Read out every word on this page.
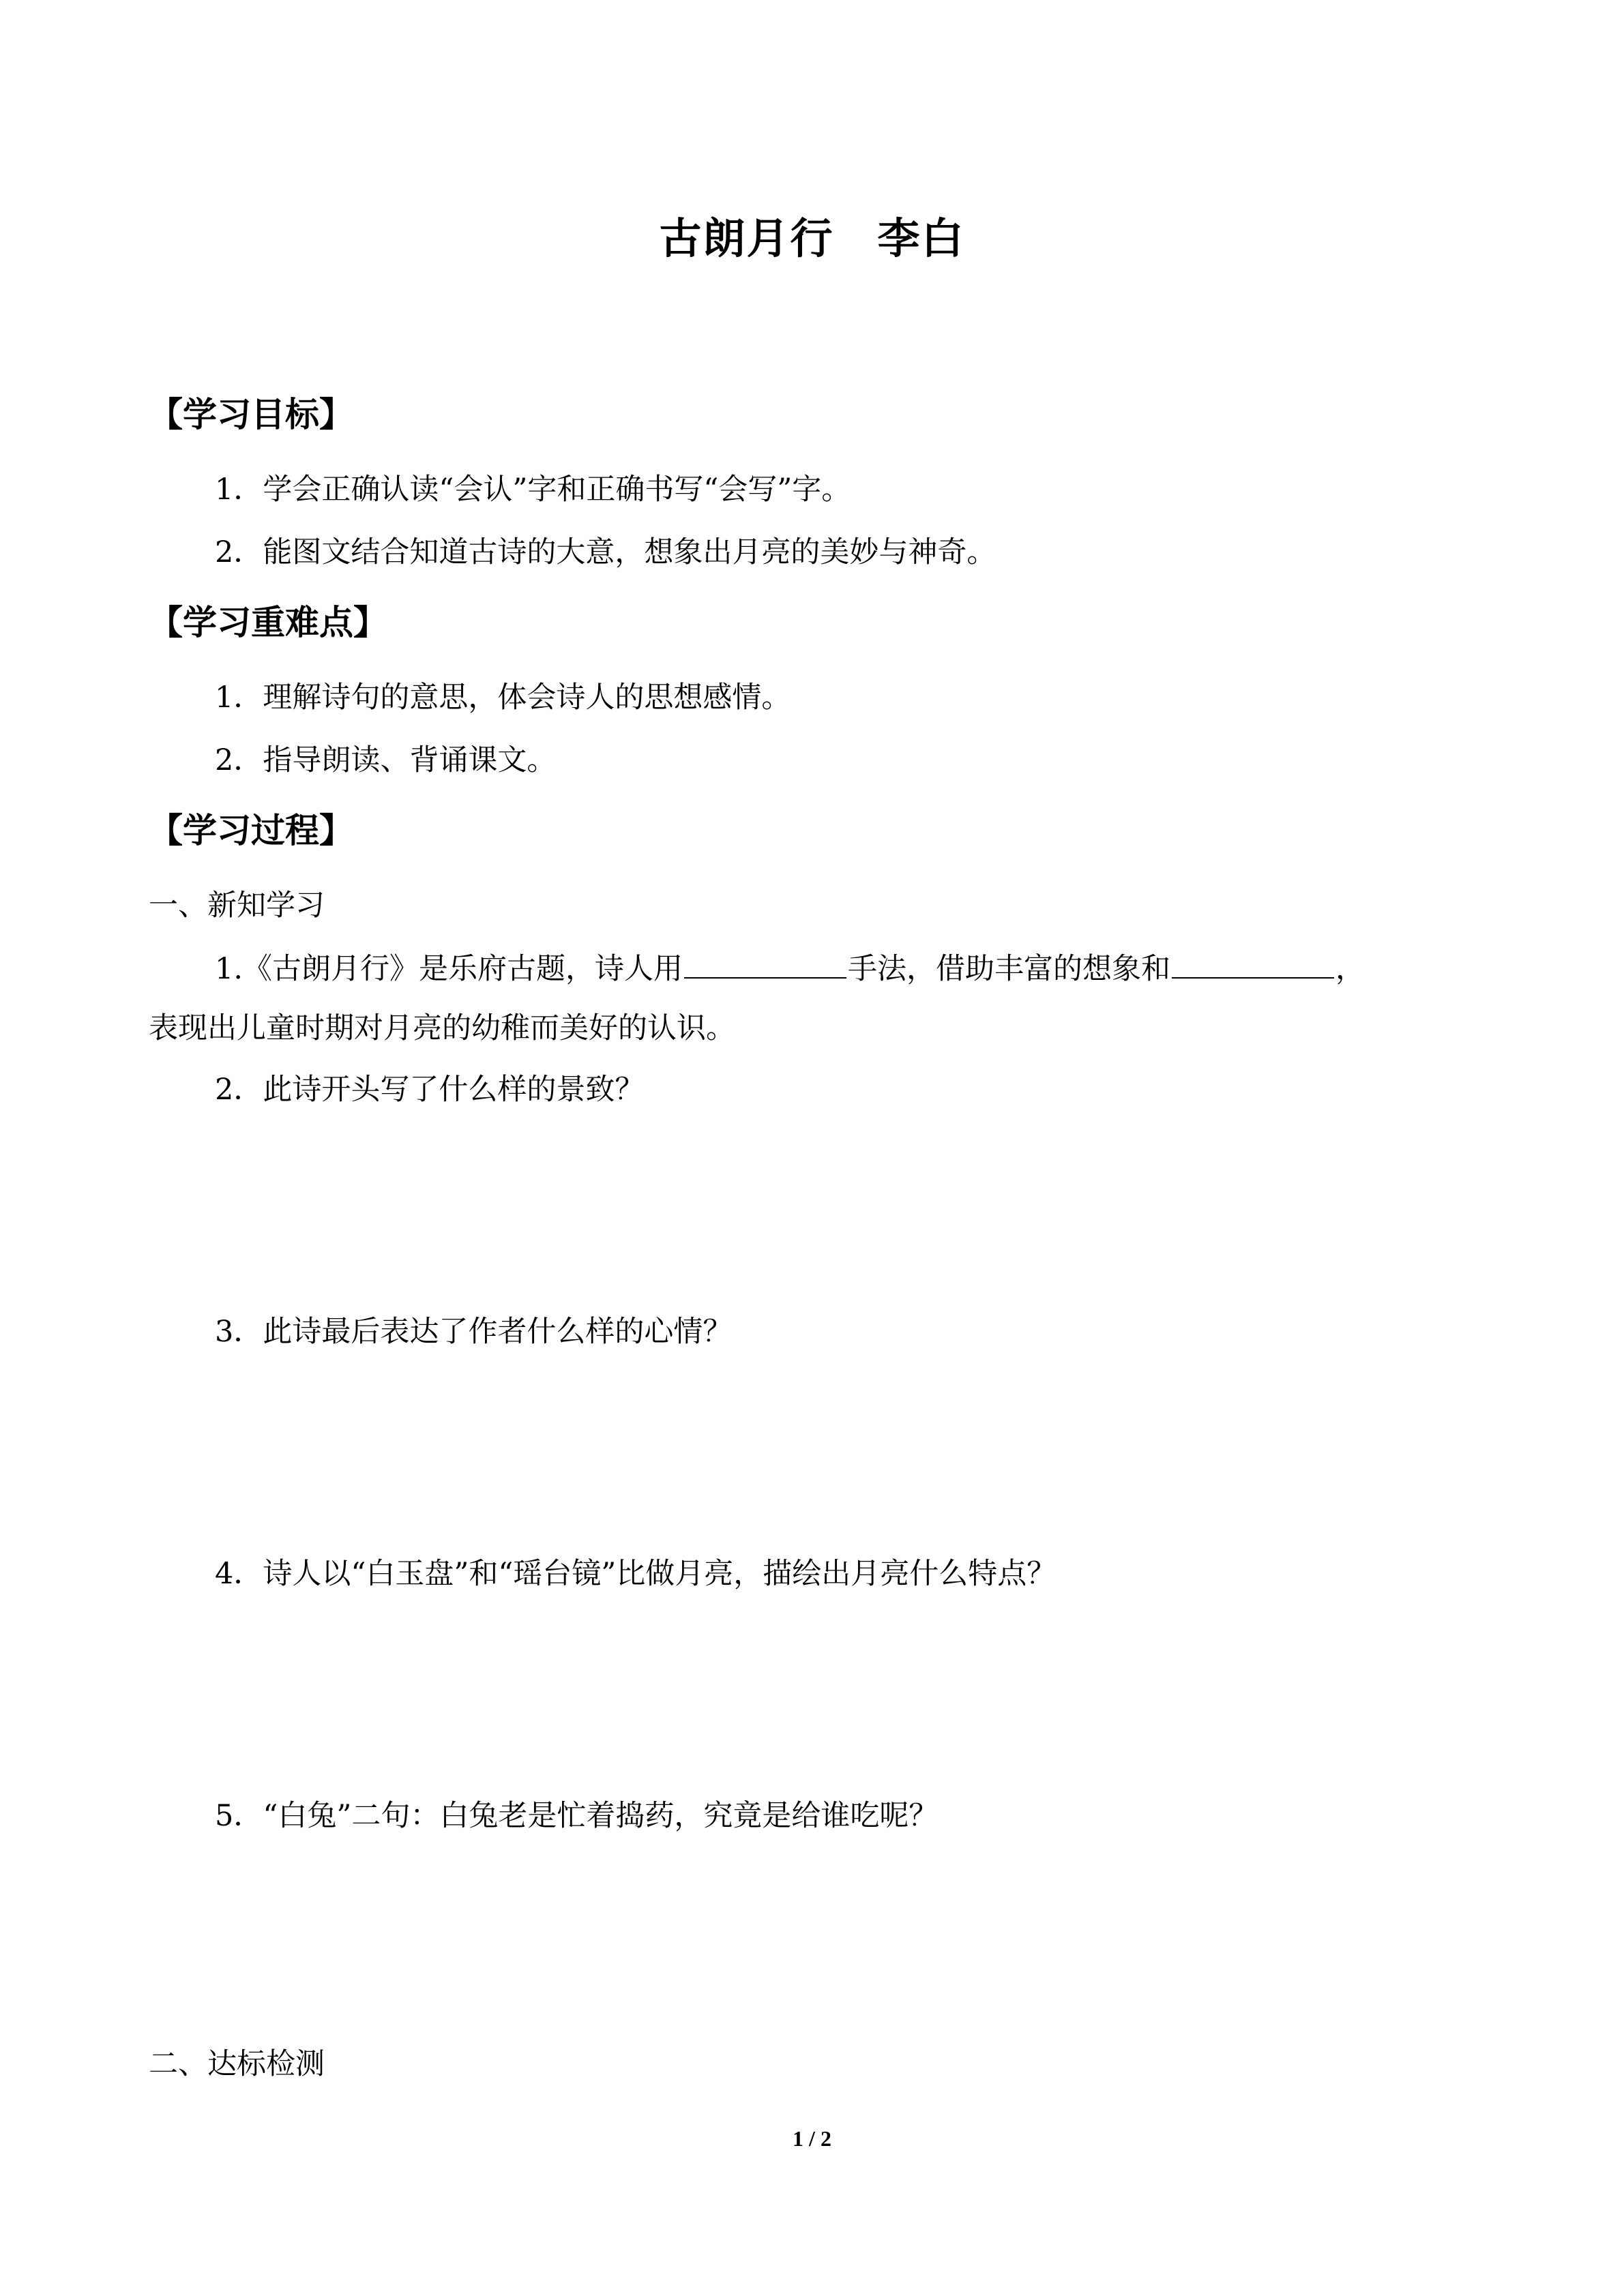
古朗月行　李白
【学习目标】
1．学会正确认读“会认”字和正确书写“会写”字。
2．能图文结合知道古诗的大意，想象出月亮的美妙与神奇。
【学习重难点】
1．理解诗句的意思，体会诗人的思想感情。
2．指导朗读、背诵课文。
【学习过程】
一、新知学习
1.《古朗月行》是乐府古题，诗人用	手法，借助丰富的想象和	，
表现出儿童时期对月亮的幼稚而美好的认识。
2．此诗开头写了什么样的景致？
3．此诗最后表达了作者什么样的心情？
4．诗人以“白玉盘”和“瑶台镜”比做月亮，描绘出月亮什么特点？
5．“白兔”二句：白兔老是忙着捣药，究竟是给谁吃呢？
二、达标检测
1 / 2
